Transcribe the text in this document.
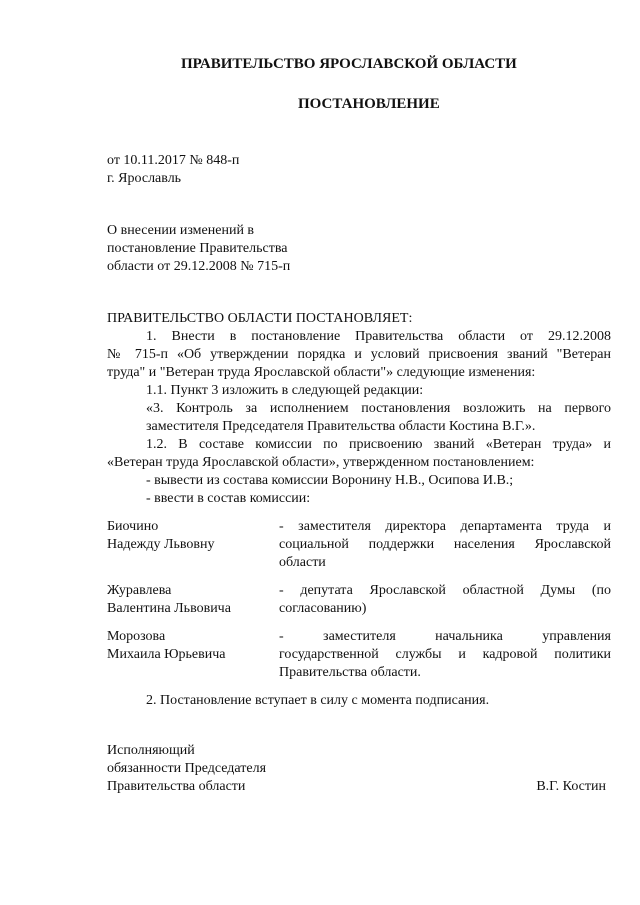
ПРАВИТЕЛЬСТВО ЯРОСЛАВСКОЙ ОБЛАСТИ
ПОСТАНОВЛЕНИЕ
от 10.11.2017 № 848-п
г. Ярославль
О внесении изменений в
постановление Правительства
области от 29.12.2008 № 715-п
ПРАВИТЕЛЬСТВО ОБЛАСТИ ПОСТАНОВЛЯЕТ:
1. Внести в постановление Правительства области от 29.12.2008
№ 715-п «Об утверждении порядка и условий присвоения званий "Ветеран
труда" и "Ветеран труда Ярославской области"» следующие изменения:
1.1. Пункт 3 изложить в следующей редакции:
«3. Контроль за исполнением постановления возложить на первого
заместителя Председателя Правительства области Костина В.Г.».
1.2. В составе комиссии по присвоению званий «Ветеран труда» и
«Ветеран труда Ярославской области», утвержденном постановлением:
- вывести из состава комиссии Воронину Н.В., Осипова И.В.;
- ввести в состав комиссии:
Биочино
Надежду Львовну
- заместителя директора департамента труда и
социальной поддержки населения Ярославской
области
Журавлева
Валентина Львовича
- депутата Ярославской областной Думы (по
согласованию)
Морозова
Михаила Юрьевича
- заместителя начальника управления
государственной службы и кадровой политики
Правительства области.
2. Постановление вступает в силу с момента подписания.
Исполняющий
обязанности Председателя
Правительства области	В.Г. Костин
